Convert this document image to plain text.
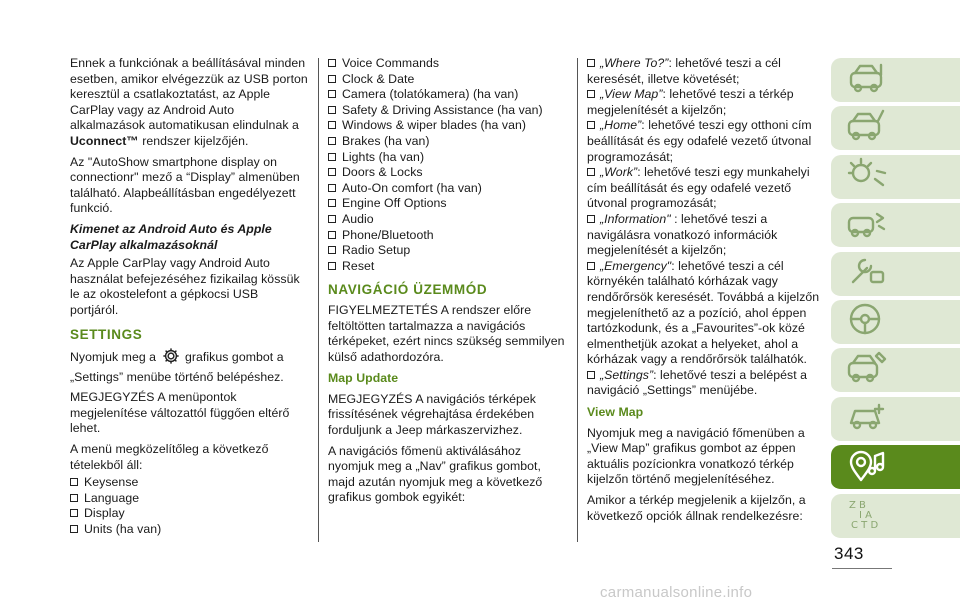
Ennek a funkciónak a beállításával minden esetben, amikor elvégezzük az USB porton keresztül a csatlakoztatást, az Apple CarPlay vagy az Android Auto alkalmazások automatikusan elindulnak a Uconnect™ rendszer kijelzőjén.

Az "AutoShow smartphone display on connectionr" mező a “Display” almenüben található. Alapbeállításban engedélyezett funkció.

Kimenet az Android Auto és Apple CarPlay alkalmazásoknál

Az Apple CarPlay vagy Android Auto használat befejezéséhez fizikailag kössük le az okostelefont a gépkocsi USB portjáról.

SETTINGS

Nyomjuk meg a  grafikus gombot a „Settings” menübe történő belépéshez.

MEGJEGYZÉS A menüpontok megjelenítése változattól függően eltérő lehet.

A menü megközelítőleg a következő tételekből áll:

Keysense
Language
Display
Units (ha van)
Voice Commands
Clock & Date
Camera (tolatókamera) (ha van)
Safety & Driving Assistance (ha van)
Windows & wiper blades (ha van)
Brakes (ha van)
Lights (ha van)
Doors & Locks
Auto-On comfort (ha van)
Engine Off Options
Audio
Phone/Bluetooth
Radio Setup
Reset

NAVIGÁCIÓ ÜZEMMÓD

FIGYELMEZTETÉS A rendszer előre feltöltötten tartalmazza a navigációs térképeket, ezért nincs szükség semmilyen külső adathordozóra.

Map Update

MEGJEGYZÉS A navigációs térképek frissítésének végrehajtása érdekében forduljunk a Jeep márkaszervizhez.

A navigációs főmenü aktiválásához nyomjuk meg a „Nav” grafikus gombot, majd azután nyomjuk meg a következő grafikus gombok egyikét:

„Where To?”: lehetővé teszi a cél keresését, illetve követését;
„View Map”: lehetővé teszi a térkép megjelenítését a kijelzőn;
„Home”: lehetővé teszi egy otthoni cím beállítását és egy odafelé vezető útvonal programozását;
„Work”: lehetővé teszi egy munkahelyi cím beállítását és egy odafelé vezető útvonal programozását;
„Information" : lehetővé teszi a navigálásra vonatkozó információk megjelenítését a kijelzőn;
„Emergency": lehetővé teszi a cél környékén található kórházak vagy rendőrőrsök keresését. Továbbá a kijelzőn megjeleníthető az a pozíció, ahol éppen tartózkodunk, és a „Favourites”-ok közé elmenthetjük azokat a helyeket, ahol a kórházak vagy a rendőrőrsök találhatók.
„Settings”: lehetővé teszi a belépést a navigáció „Settings” menüjébe.

View Map

Nyomjuk meg a navigáció főmenüben a „View Map” grafikus gombot az éppen aktuális pozícionkra vonatkozó térkép kijelzőn történő megjelenítéséhez.

Amikor a térkép megjelenik a kijelzőn, a következő opciók állnak rendelkezésre:

Z B
I A
C T D
343
carmanualsonline.info
